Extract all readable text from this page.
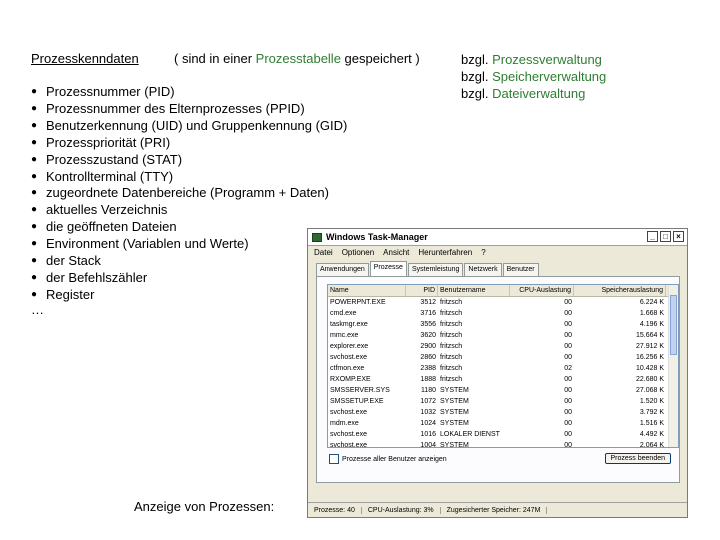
Prozesskenndaten	( sind in einer Prozesstabelle gespeichert )	bzgl. Prozessverwaltung
bzgl. Speicherverwaltung
bzgl. Dateiverwaltung
● Prozessnummer (PID)
● Prozessnummer des Elternprozesses (PPID)
● Benutzerkennung (UID) und Gruppenkennung (GID)
● Prozesspriorität (PRI)
● Prozesszustand (STAT)
● Kontrollterminal (TTY)
● zugeordnete Datenbereiche (Programm + Daten)
● aktuelles Verzeichnis
● die geöffneten Dateien
● Environment (Variablen und Werte)
● der Stack
● der Befehlszähler
● Register
…
Anzeige von Prozessen:
Windows Task-Manager	_	□	×
Datei Optionen Ansicht Herunterfahren ?
Anwendungen	Prozesse	Systemleistung	Netzwerk	Benutzer
Name	PID Benutzername	CPU-Auslastung	Speicherauslastung
POWERPNT.EXE	3512 fritzsch	00	6.224 K
cmd.exe	3716 fritzsch	00	1.668 K
taskmgr.exe	3556 fritzsch	00	4.196 K
mmc.exe	3620 fritzsch	00	15.664 K
explorer.exe	2900 fritzsch	00	27.912 K
svchost.exe	2860 fritzsch	00	16.256 K
ctfmon.exe	2388 fritzsch	02	10.428 K
RXOMP.EXE	1888 fritzsch	00	22.680 K
SMSSERVER.SYS	1180 SYSTEM	00	27.068 K
SMSSETUP.EXE	1072 SYSTEM	00	1.520 K
svchost.exe	1032 SYSTEM	00	3.792 K
mdm.exe	1024 SYSTEM	00	1.516 K
svchost.exe	1016 LOKALER DIENST	00	4.492 K
svchost.exe	1004 SYSTEM	00	2.064 K
Prozesse aller Benutzer anzeigen	Prozess beenden
Prozesse: 40	CPU-Auslastung: 3%	Zugesicherter Speicher: 247M
